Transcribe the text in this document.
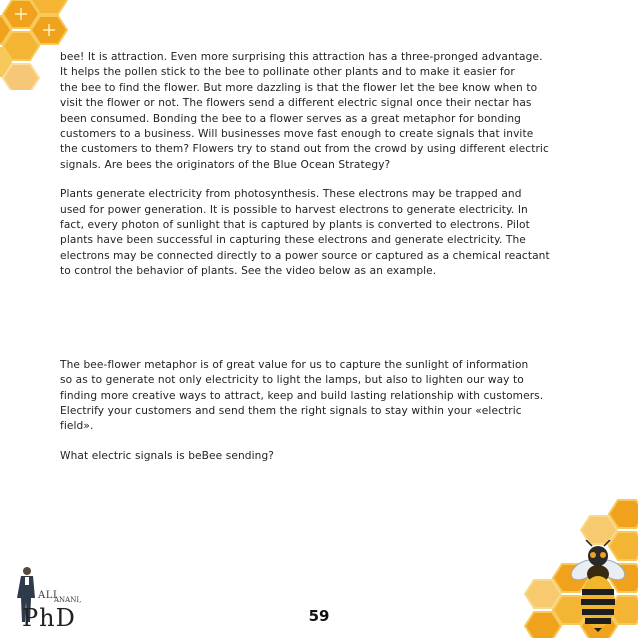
bee! It is attraction. Even more surprising this attraction has a three-pronged advantage.
It helps the pollen stick to the bee to pollinate other plants and to make it easier for
the bee to find the flower. But more dazzling is that the flower let the bee know when to
visit the flower or not. The flowers send a different electric signal once their nectar has
been consumed. Bonding the bee to a flower serves as a great metaphor for bonding
customers to a business. Will businesses move fast enough to create signals that invite
the customers to them? Flowers try to stand out from the crowd by using different electric
signals. Are bees the originators of the Blue Ocean Strategy?

Plants generate electricity from photosynthesis. These electrons may be trapped and
used for power generation. It is possible to harvest electrons to generate electricity. In
fact, every photon of sunlight that is captured by plants is converted to electrons. Pilot
plants have been successful in capturing these electrons and generate electricity. The
electrons may be connected directly to a power source or captured as a chemical reactant
to control the behavior of plants. See the video below as an example.

The bee-flower metaphor is of great value for us to capture the sunlight of information
so as to generate not only electricity to light the lamps, but also to lighten our way to
finding more creative ways to attract, keep and build lasting relationship with customers.
Electrify your customers and send them the right signals to stay within your «electric
field».

What electric signals is beBee sending?

59
ALI
ANANI,
PhD
